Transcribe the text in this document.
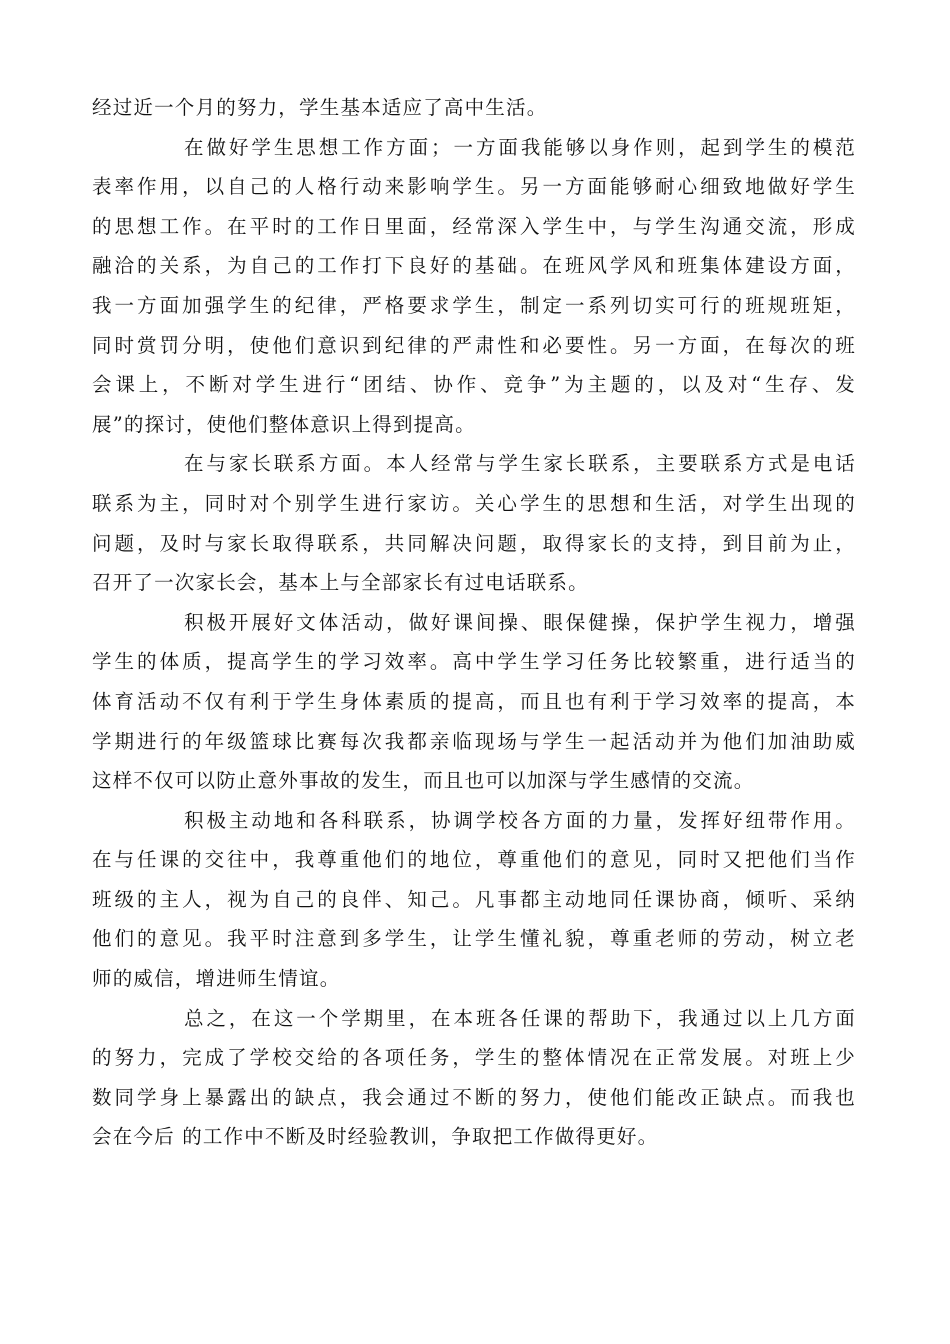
经过近一个月的努力，学生基本适应了高中生活。
在做好学生思想工作方面；一方面我能够以身作则，起到学生的模范
表率作用，以自己的人格行动来影响学生。另一方面能够耐心细致地做好学生
的思想工作。在平时的工作日里面，经常深入学生中，与学生沟通交流，形成
融洽的关系，为自己的工作打下良好的基础。在班风学风和班集体建设方面，
我一方面加强学生的纪律，严格要求学生，制定一系列切实可行的班规班矩，
同时赏罚分明，使他们意识到纪律的严肃性和必要性。另一方面，在每次的班
会课上，不断对学生进行“团结、协作、竞争”为主题的，以及对“生存、发
展”的探讨，使他们整体意识上得到提高。
在与家长联系方面。本人经常与学生家长联系，主要联系方式是电话
联系为主，同时对个别学生进行家访。关心学生的思想和生活，对学生出现的
问题，及时与家长取得联系，共同解决问题，取得家长的支持，到目前为止，
召开了一次家长会，基本上与全部家长有过电话联系。
积极开展好文体活动，做好课间操、眼保健操，保护学生视力，增强
学生的体质，提高学生的学习效率。高中学生学习任务比较繁重，进行适当的
体育活动不仅有利于学生身体素质的提高，而且也有利于学习效率的提高，本
学期进行的年级篮球比赛每次我都亲临现场与学生一起活动并为他们加油助威
这样不仅可以防止意外事故的发生，而且也可以加深与学生感情的交流。
积极主动地和各科联系，协调学校各方面的力量，发挥好纽带作用。
在与任课的交往中，我尊重他们的地位，尊重他们的意见，同时又把他们当作
班级的主人，视为自己的良伴、知己。凡事都主动地同任课协商，倾听、采纳
他们的意见。我平时注意到多学生，让学生懂礼貌，尊重老师的劳动，树立老
师的威信，增进师生情谊。
总之，在这一个学期里，在本班各任课的帮助下，我通过以上几方面
的努力，完成了学校交给的各项任务，学生的整体情况在正常发展。对班上少
数同学身上暴露出的缺点，我会通过不断的努力，使他们能改正缺点。而我也
会在今后 的工作中不断及时经验教训，争取把工作做得更好。
